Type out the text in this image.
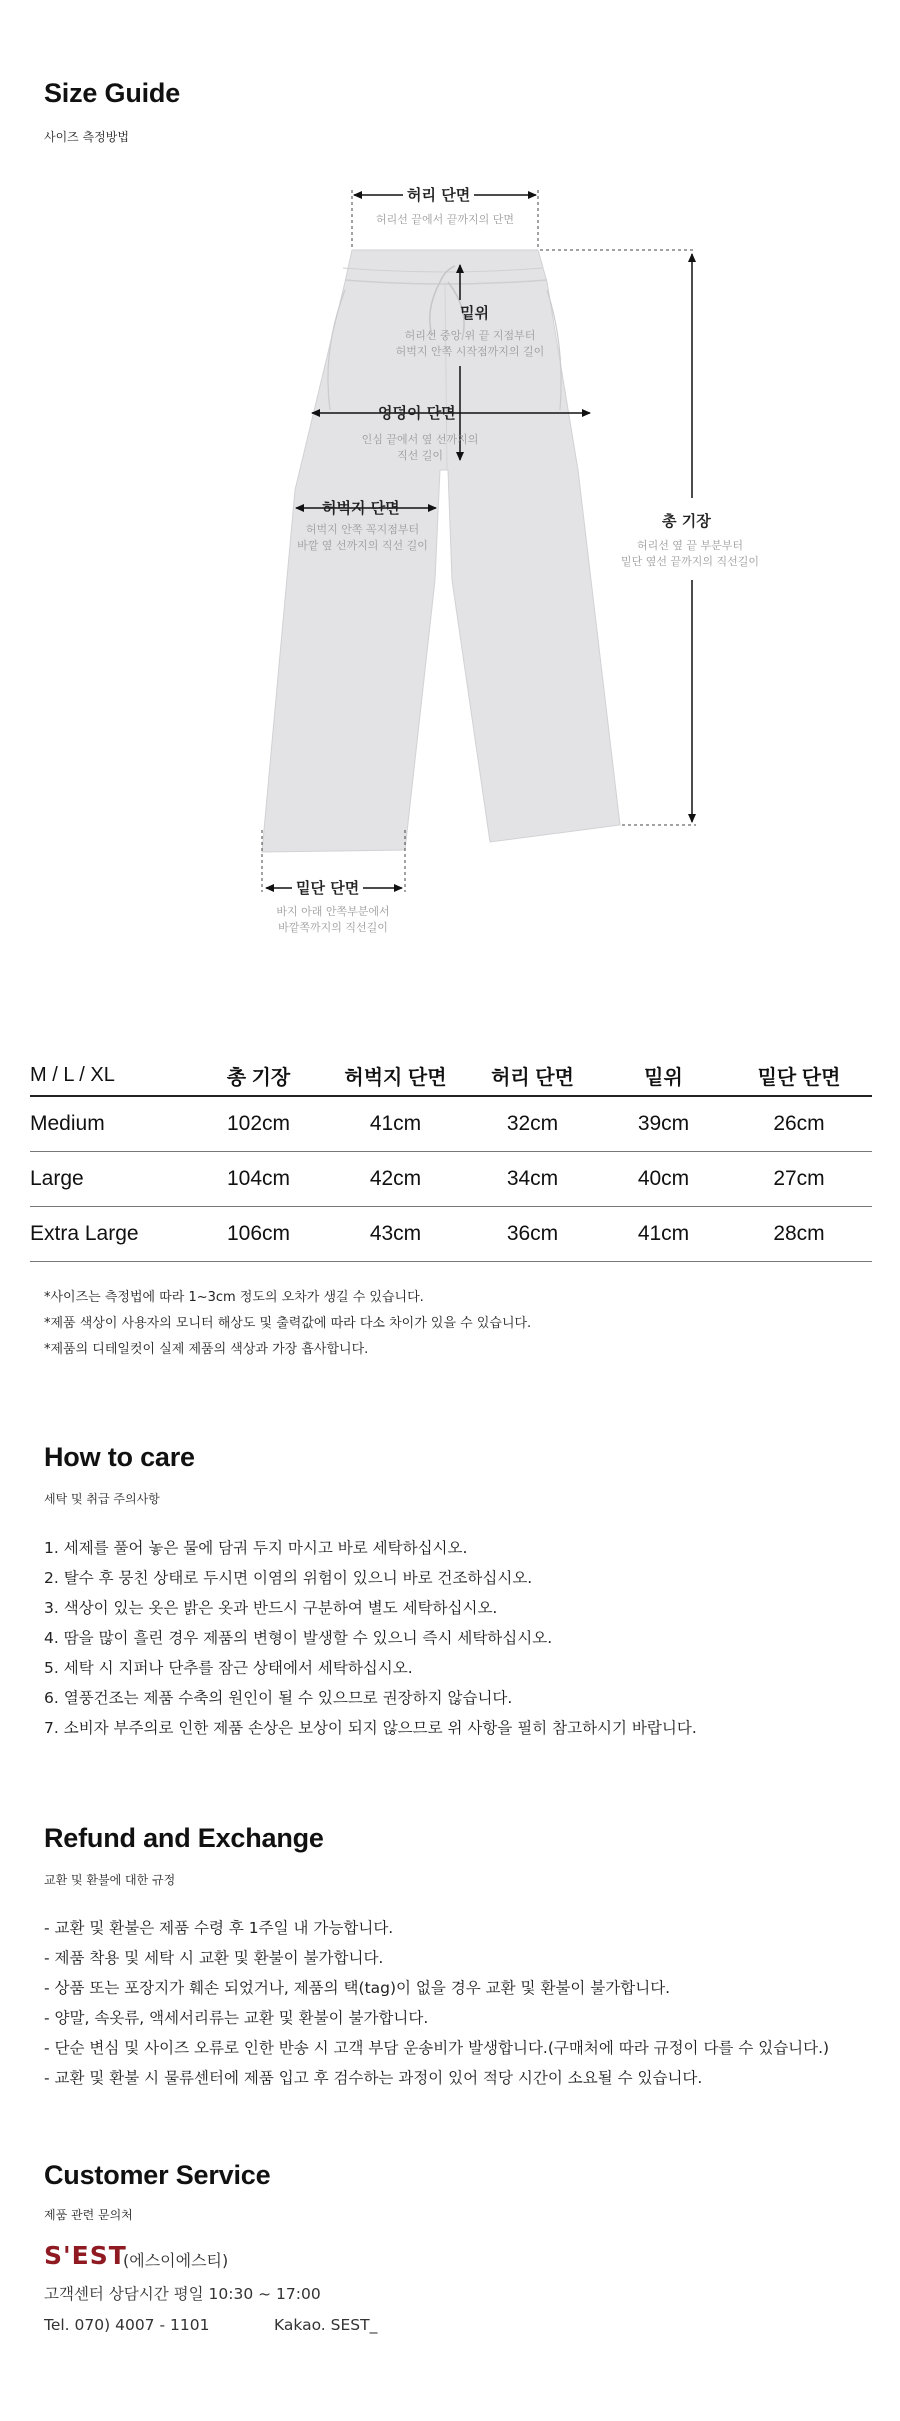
Size Guide
사이즈 측정방법
허리 단면
허리선 끝에서 끝까지의 단면
밑위
허리선 중앙 위 끝 지점부터
허벅지 안쪽 시작점까지의 길이
엉덩이 단면
인심 끝에서 옆 선까지의
직선 길이
허벅지 단면
허벅지 안쪽 꼭지점부터
바깥 옆 선까지의 직선 길이
총 기장
허리선 옆 끝 부분부터
밑단 옆선 끝까지의 직선길이
밑단 단면
바지 아래 안쪽부분에서
바깥쪽까지의 직선길이
M / L / XL	총 기장	허벅지 단면	허리 단면	밑위	밑단 단면
Medium	102cm	41cm	32cm	39cm	26cm
Large	104cm	42cm	34cm	40cm	27cm
Extra Large	106cm	43cm	36cm	41cm	28cm
*사이즈는 측정법에 따라 1~3cm 정도의 오차가 생길 수 있습니다.
*제품 색상이 사용자의 모니터 해상도 및 출력값에 따라 다소 차이가 있을 수 있습니다.
*제품의 디테일컷이 실제 제품의 색상과 가장 흡사합니다.
How to care
세탁 및 취급 주의사항
1. 세제를 풀어 놓은 물에 담궈 두지 마시고 바로 세탁하십시오.
2. 탈수 후 뭉친 상태로 두시면 이염의 위험이 있으니 바로 건조하십시오.
3. 색상이 있는 옷은 밝은 옷과 반드시 구분하여 별도 세탁하십시오.
4. 땀을 많이 흘린 경우 제품의 변형이 발생할 수 있으니 즉시 세탁하십시오.
5. 세탁 시 지퍼나 단추를 잠근 상태에서 세탁하십시오.
6. 열풍건조는 제품 수축의 원인이 될 수 있으므로 권장하지 않습니다.
7. 소비자 부주의로 인한 제품 손상은 보상이 되지 않으므로 위 사항을 필히 참고하시기 바랍니다.
Refund and Exchange
교환 및 환불에 대한 규정
- 교환 및 환불은 제품 수령 후 1주일 내 가능합니다.
- 제품 착용 및 세탁 시 교환 및 환불이 불가합니다.
- 상품 또는 포장지가 훼손 되었거나, 제품의 택(tag)이 없을 경우 교환 및 환불이 불가합니다.
- 양말, 속옷류, 액세서리류는 교환 및 환불이 불가합니다.
- 단순 변심 및 사이즈 오류로 인한 반송 시 고객 부담 운송비가 발생합니다.(구매처에 따라 규정이 다를 수 있습니다.)
- 교환 및 환불 시 물류센터에 제품 입고 후 검수하는 과정이 있어 적당 시간이 소요될 수 있습니다.
Customer Service
제품 관련 문의처
S'EST
(에스이에스티)
고객센터 상담시간 평일 10:30 ~ 17:00
Tel. 070) 4007 - 1101	Kakao. SEST_
